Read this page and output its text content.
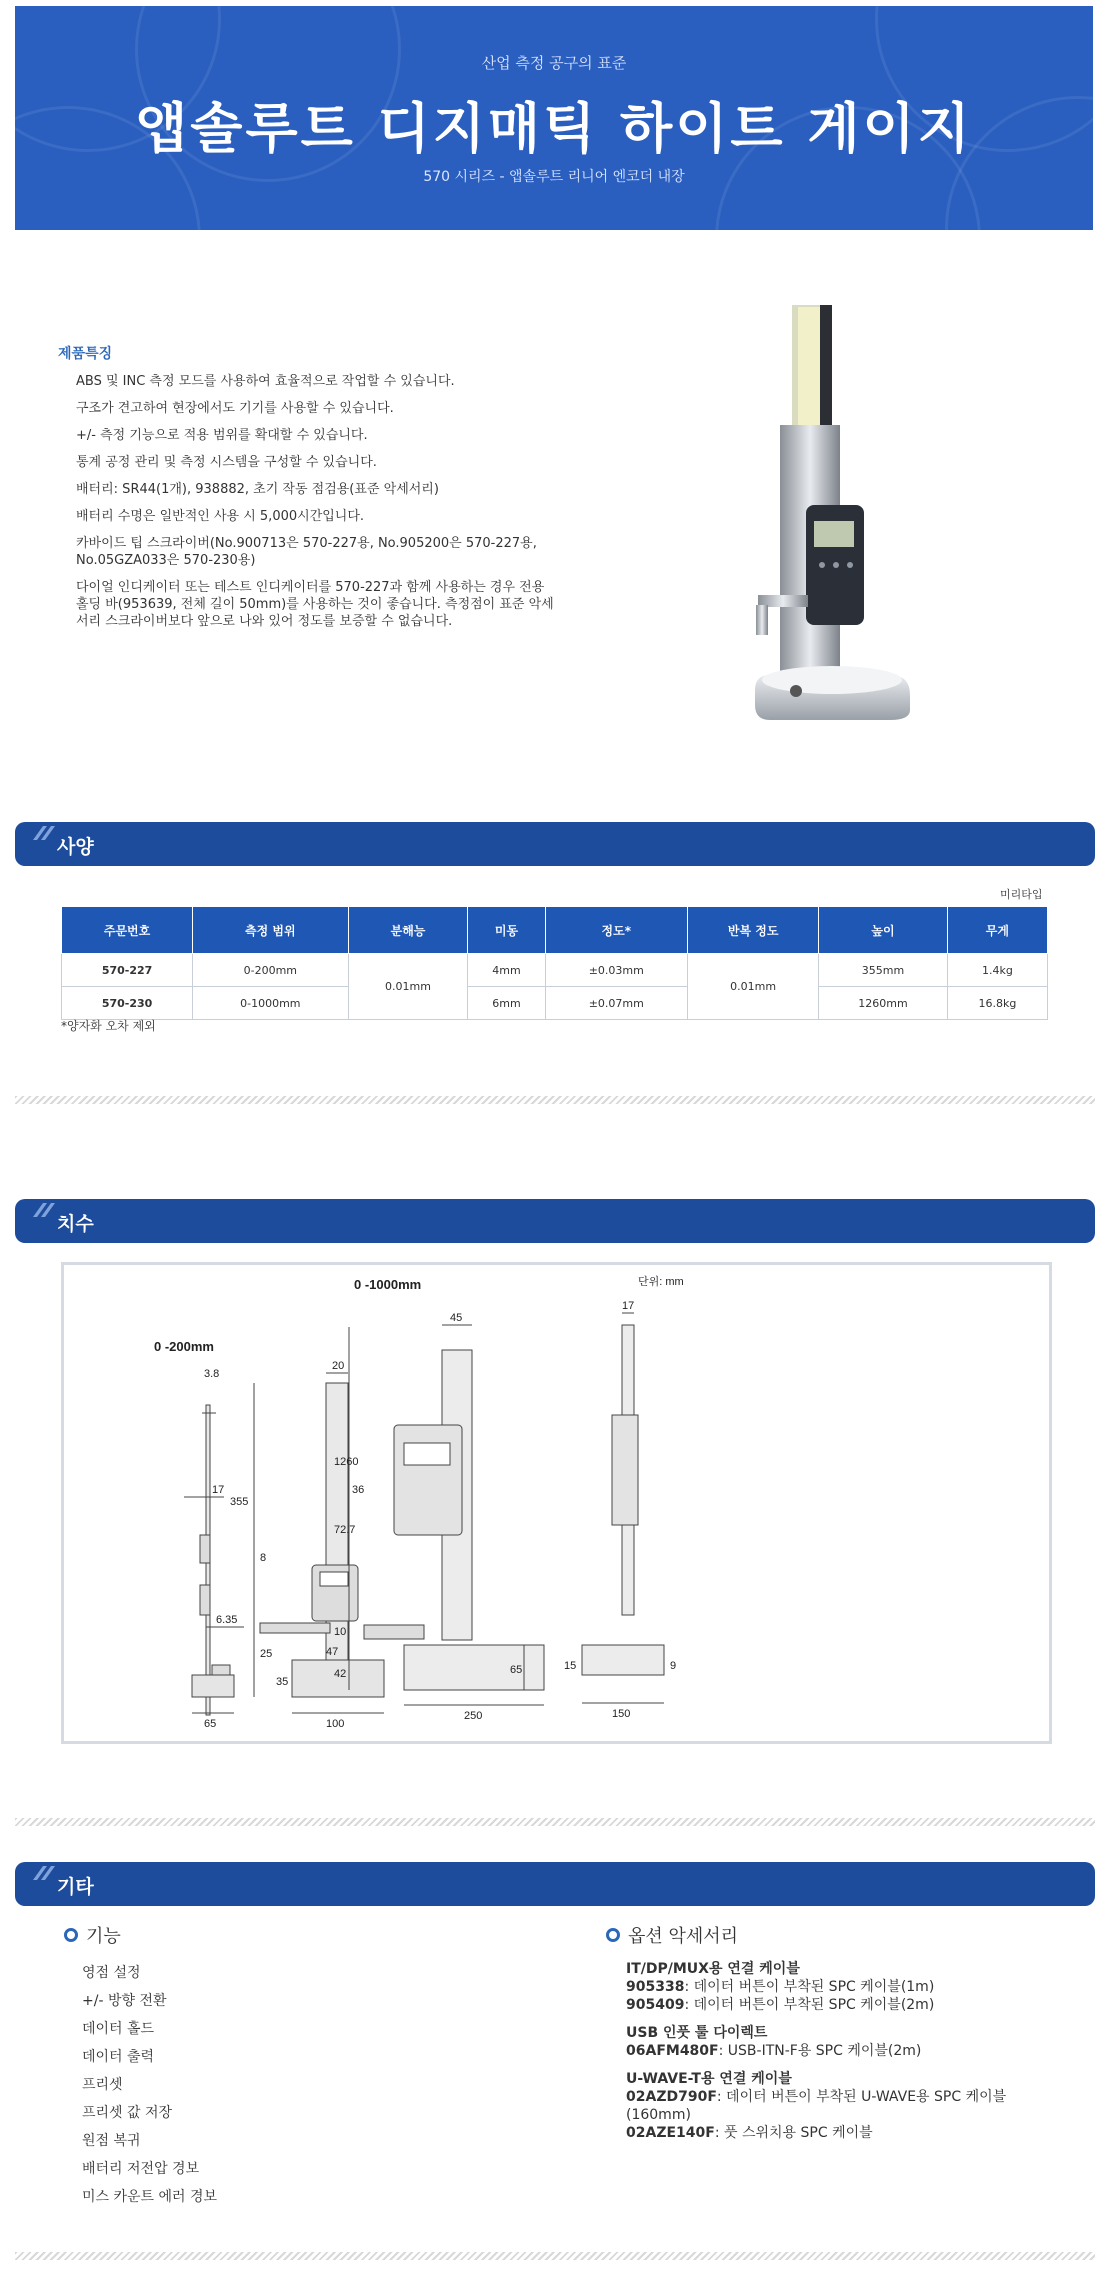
산업 측정 공구의 표준
앱솔루트 디지매틱 하이트 게이지
570 시리즈 - 앱솔루트 리니어 엔코더 내장
제품특징
ABS 및 INC 측정 모드를 사용하여 효율적으로 작업할 수 있습니다.
구조가 견고하여 현장에서도 기기를 사용할 수 있습니다.
+/- 측정 기능으로 적용 범위를 확대할 수 있습니다.
통계 공정 관리 및 측정 시스템을 구성할 수 있습니다.
배터리: SR44(1개), 938882, 초기 작동 점검용(표준 악세서리)
배터리 수명은 일반적인 사용 시 5,000시간입니다.
카바이드 팁 스크라이버(No.900713은 570-227용, No.905200은 570-227용, No.05GZA033은 570-230용)
다이얼 인디케이터 또는 테스트 인디케이터를 570-227과 함께 사용하는 경우 전용 홀딩 바(953639, 전체 길이 50mm)를 사용하는 것이 좋습니다. 측정점이 표준 악세서리 스크라이버보다 앞으로 나와 있어 정도를 보증할 수 없습니다.
사양
미리타입
주문번호	측정 범위	분해능	미동	정도*	반복 정도	높이	무게
570-227	0-200mm	0.01mm	4mm	±0.03mm	0.01mm	355mm	1.4kg
570-230	0-1000mm		6mm	±0.07mm		1260mm	16.8kg
*양자화 오차 제외
치수
0 -200mm
0 -1000mm	단위: mm
3.8
17
6.35
65
20
36
355
8
72.7
47
25
35
100
45
1260
10
42	65
250
17
15	9
150
기타
기능
영점 설정
+/- 방향 전환
데이터 홀드
데이터 출력
프리셋
프리셋 값 저장
원점 복귀
배터리 저전압 경보
미스 카운트 에러 경보
옵션 악세서리
IT/DP/MUX용 연결 케이블
905338: 데이터 버튼이 부착된 SPC 케이블(1m)
905409: 데이터 버튼이 부착된 SPC 케이블(2m)
USB 인풋 툴 다이렉트
06AFM480F: USB-ITN-F용 SPC 케이블(2m)
U-WAVE-T용 연결 케이블
02AZD790F: 데이터 버튼이 부착된 U-WAVE용 SPC 케이블 (160mm)
02AZE140F: 풋 스위치용 SPC 케이블
